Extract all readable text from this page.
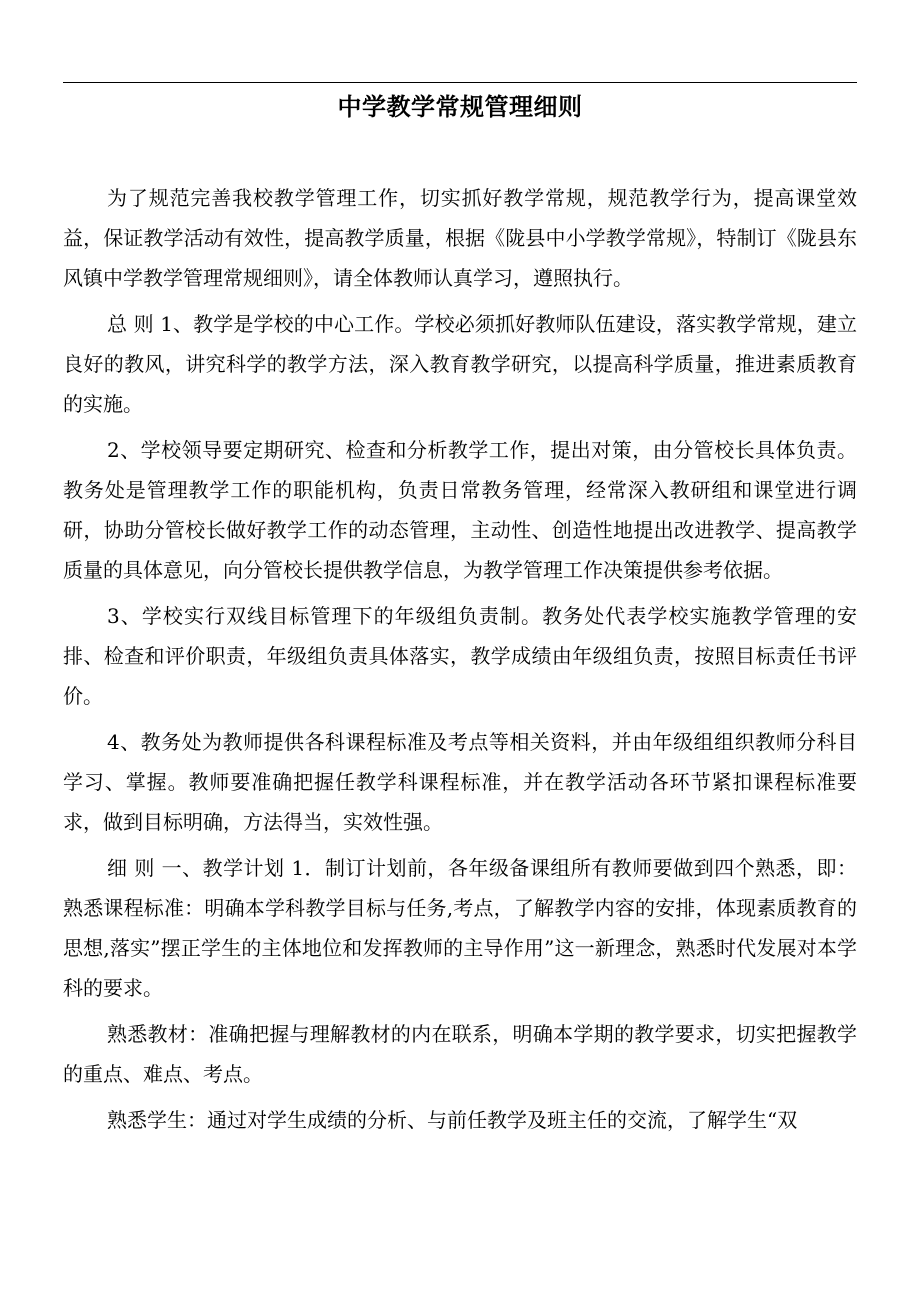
中学教学常规管理细则

为了规范完善我校教学管理工作，切实抓好教学常规，规范教学行为，提高课堂效益，保证教学活动有效性，提高教学质量，根据《陇县中小学教学常规》，特制订《陇县东风镇中学教学管理常规细则》，请全体教师认真学习，遵照执行。

总 则 1、教学是学校的中心工作。学校必须抓好教师队伍建设，落实教学常规，建立良好的教风，讲究科学的教学方法，深入教育教学研究，以提高科学质量，推进素质教育的实施。

2、学校领导要定期研究、检查和分析教学工作，提出对策，由分管校长具体负责。教务处是管理教学工作的职能机构，负责日常教务管理，经常深入教研组和课堂进行调研，协助分管校长做好教学工作的动态管理，主动性、创造性地提出改进教学、提高教学质量的具体意见，向分管校长提供教学信息，为教学管理工作决策提供参考依据。

3、学校实行双线目标管理下的年级组负责制。教务处代表学校实施教学管理的安排、检查和评价职责，年级组负责具体落实，教学成绩由年级组负责，按照目标责任书评价。

4、教务处为教师提供各科课程标准及考点等相关资料，并由年级组组织教师分科目学习、掌握。教师要准确把握任教学科课程标准，并在教学活动各环节紧扣课程标准要求，做到目标明确，方法得当，实效性强。

细 则 一、教学计划 1．制订计划前，各年级备课组所有教师要做到四个熟悉，即：熟悉课程标准：明确本学科教学目标与任务,考点，了解教学内容的安排，体现素质教育的思想,落实”摆正学生的主体地位和发挥教师的主导作用”这一新理念，熟悉时代发展对本学科的要求。

熟悉教材：准确把握与理解教材的内在联系，明确本学期的教学要求，切实把握教学的重点、难点、考点。

熟悉学生：通过对学生成绩的分析、与前任教学及班主任的交流，了解学生“双
